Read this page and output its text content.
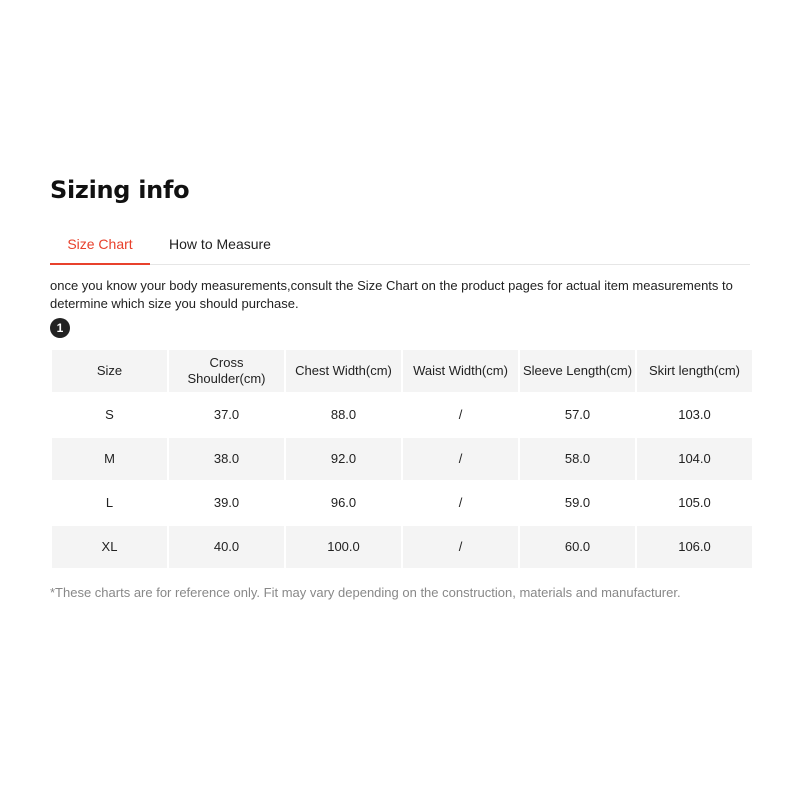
Sizing info
Size Chart	How to Measure
once you know your body measurements,consult the Size Chart on the product pages for actual item measurements to determine which size you should purchase.
1
Size	Cross Shoulder(cm)	Chest Width(cm)	Waist Width(cm)	Sleeve Length(cm)	Skirt length(cm)
S	37.0	88.0	/	57.0	103.0
M	38.0	92.0	/	58.0	104.0
L	39.0	96.0	/	59.0	105.0
XL	40.0	100.0	/	60.0	106.0
*These charts are for reference only. Fit may vary depending on the construction, materials and manufacturer.
